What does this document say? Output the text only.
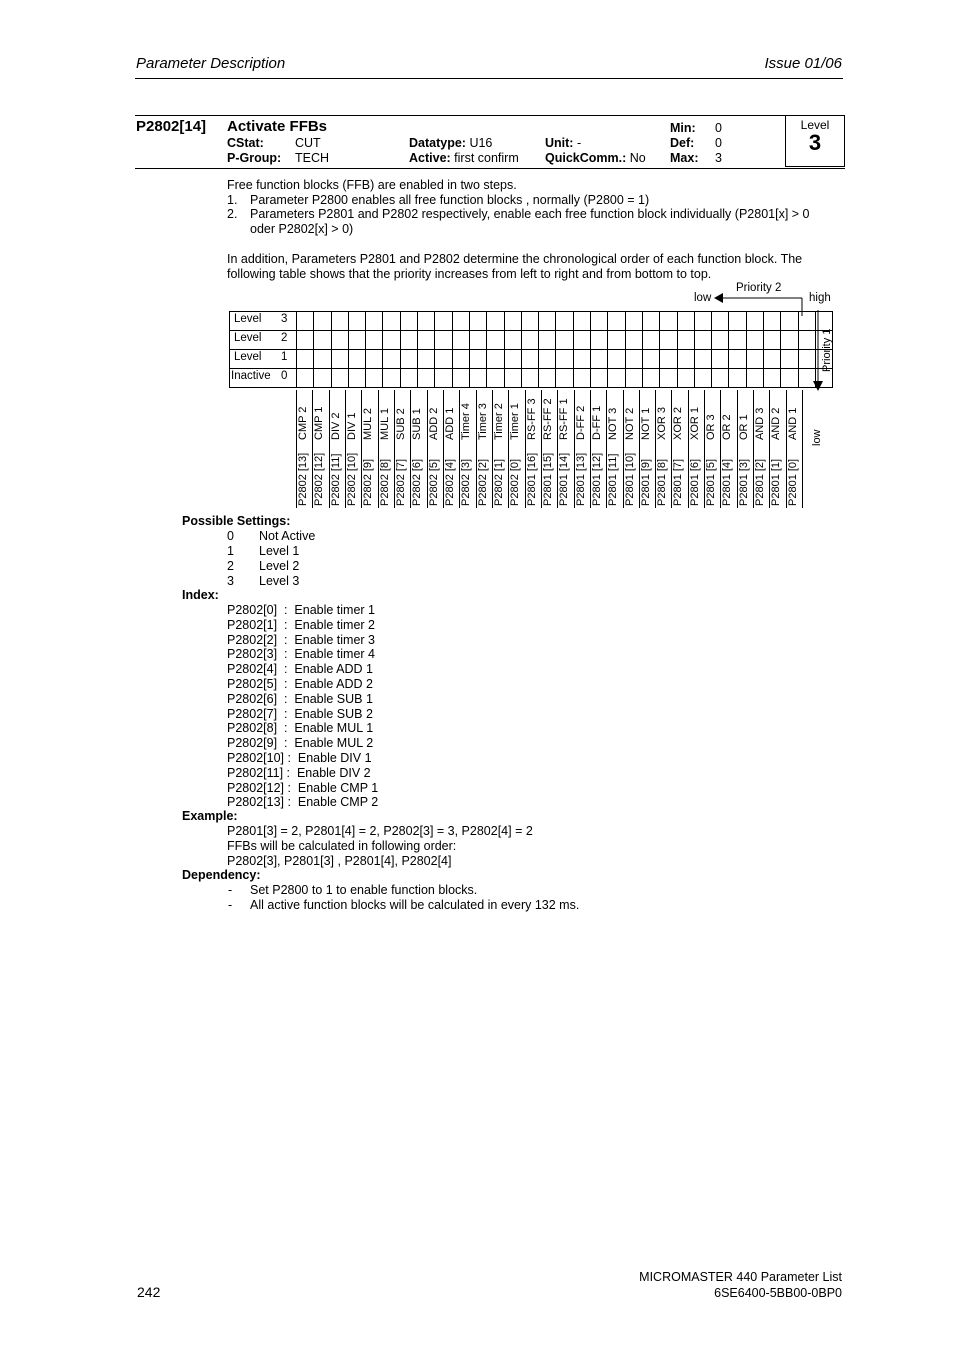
Parameter Description	Issue 01/06
Level
3
P2802[14] Activate FFBs
CStat: CUT
P-Group: TECH
Datatype: U16
Active: first confirm
Unit: -
QuickComm.: No
Min: 0
Def: 0
Max: 3
Free function blocks (FFB) are enabled in two steps.
1. Parameter P2800 enables all free function blocks , normally (P2800 = 1)
2. Parameters P2801 and P2802 respectively, enable each free function block individually (P2801[x] > 0
oder P2802[x] > 0)
In addition, Parameters P2801 and P2802 determine the chronological order of each function block. The
following table shows that the priority increases from left to right and from bottom to top.
Priority 2
low	high
Priority 1
low

Level 3
Level 2
Level 1
Inactive 0
CMP 2
P2802 [13]
CMP 1
P2802 [12]
DIV 2
P2802 [11]
DIV 1
P2802 [10]
MUL 2
P2802 [9]
MUL 1
P2802 [8]
SUB 2
P2802 [7]
SUB 1
P2802 [6]
ADD 2
P2802 [5]
ADD 1
P2802 [4]
Timer 4
P2802 [3]
Timer 3
P2802 [2]
Timer 2
P2802 [1]
Timer 1
P2802 [0]
RS-FF 3
P2801 [16]
RS-FF 2
P2801 [15]
RS-FF 1
P2801 [14]
D-FF 2
P2801 [13]
D-FF 1
P2801 [12]
NOT 3
P2801 [11]
NOT 2
P2801 [10]
NOT 1
P2801 [9]
XOR 3
P2801 [8]
XOR 2
P2801 [7]
XOR 1
P2801 [6]
OR 3
P2801 [5]
OR 2
P2801 [4]
OR 1
P2801 [3]
AND 3
P2801 [2]
AND 2
P2801 [1]
AND 1
P2801 [0]
Possible Settings:
0 Not Active
1 Level 1
2 Level 2
3 Level 3
Index:
P2802[0]  :  Enable timer 1
P2802[1]  :  Enable timer 2
P2802[2]  :  Enable timer 3
P2802[3]  :  Enable timer 4
P2802[4]  :  Enable ADD 1
P2802[5]  :  Enable ADD 2
P2802[6]  :  Enable SUB 1
P2802[7]  :  Enable SUB 2
P2802[8]  :  Enable MUL 1
P2802[9]  :  Enable MUL 2
P2802[10] :  Enable DIV 1
P2802[11] :  Enable DIV 2
P2802[12] :  Enable CMP 1
P2802[13] :  Enable CMP 2
Example:
P2801[3] = 2, P2801[4] = 2, P2802[3] = 3, P2802[4] = 2
FFBs will be calculated in following order:
P2802[3], P2801[3] , P2801[4], P2802[4]
Dependency:
- Set P2800 to 1 to enable function blocks.
- All active function blocks will be calculated in every 132 ms.
242
MICROMASTER 440 Parameter List
6SE6400-5BB00-0BP0
